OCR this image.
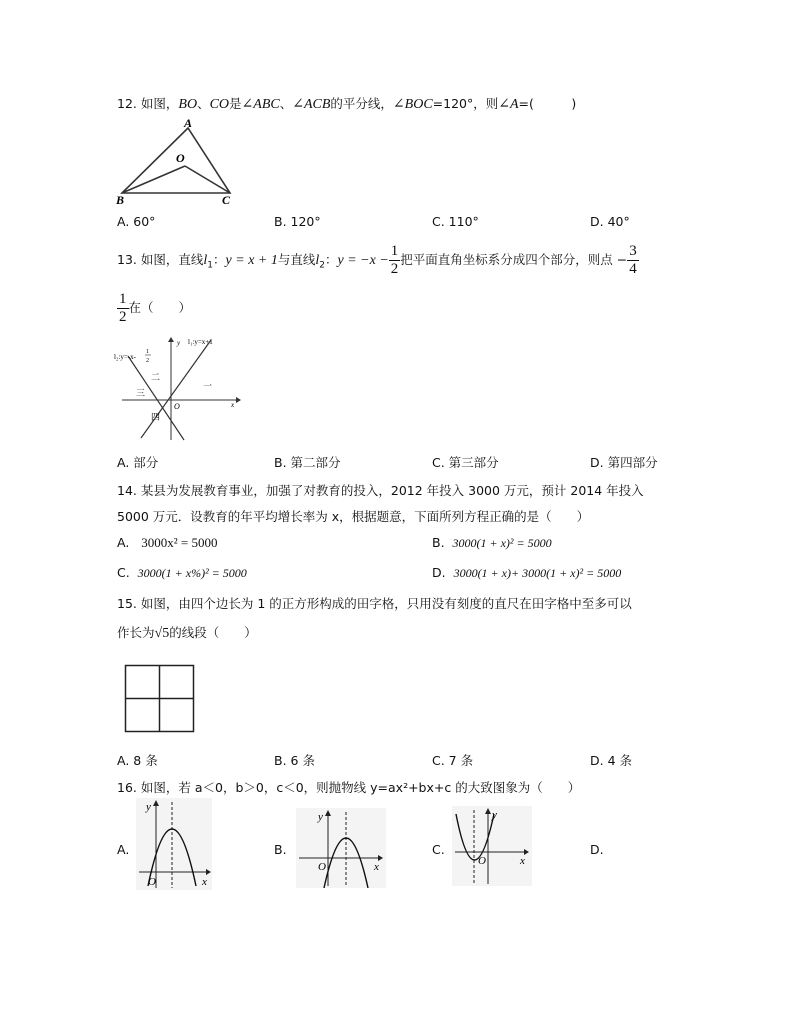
12. 如图，BO、CO是∠ABC、∠ACB的平分线，∠BOC=120°，则∠A=(　　　)
A
O
B	C
A. 60°	B. 120°	C. 110°	D. 40°
13. 如图，直线$l_1$：y = x + 1与直线$l_2$：$y = -x - \frac{1}{2}$ 把平面直角坐标系分成四个部分，则点 − $\frac{3}{4}$
$\frac{1}{2}$ 在（　　）
y
x
O
l₂:y=-x-
1
2
l₁:y=x+1
一
二
三
四
A. 部分	B. 第二部分	C. 第三部分	D. 第四部分
14. 某县为发展教育事业，加强了对教育的投入，2012 年投入 3000 万元，预计 2014 年投入
5000 万元．设教育的年平均增长率为 x，根据题意，下面所列方程正确的是（　　）
A. 3000x² = 5000	B. 3000(1 + x)² = 5000
C. 3000(1 + x%)² = 5000	D. 3000(1 + x)+ 3000(1 + x)² = 5000
15. 如图，由四个边长为 1 的正方形构成的田字格，只用没有刻度的直尺在田字格中至多可以
作长为√5的线段（　　）
A. 8 条	B. 6 条	C. 7 条	D. 4 条
16. 如图，若 a＜0，b＞0，c＜0，则抛物线 y=ax²+bx+c 的大致图象为（　　）
A.
y
x
O
B.
y
x
O
C.
y
x
O
D.
